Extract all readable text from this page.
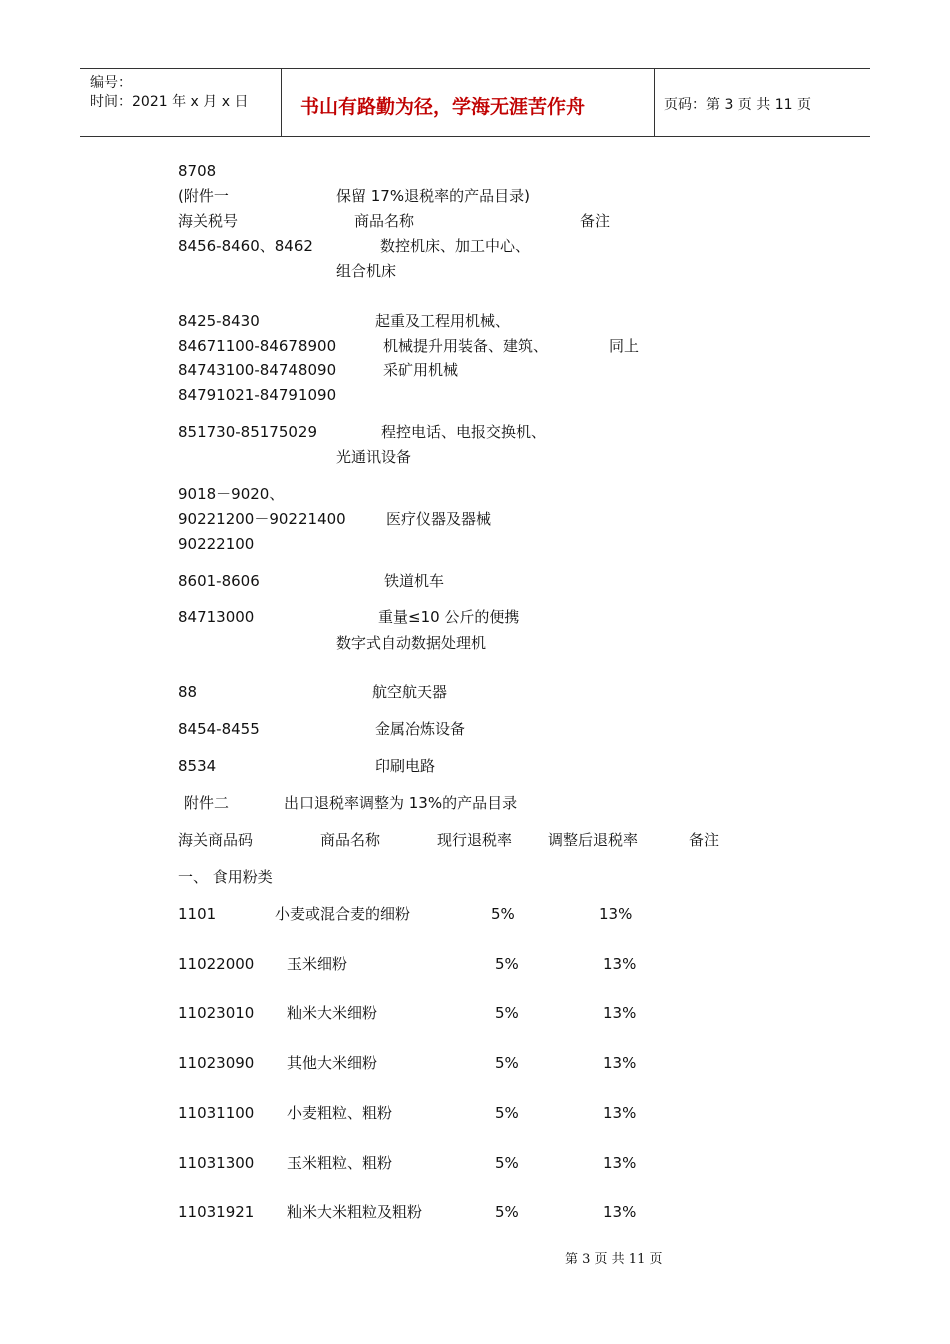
编号：
时间：2021 年 x 月 x 日	书山有路勤为径，学海无涯苦作舟	页码：第 3 页 共 11 页
8708
(附件一	保留 17%退税率的产品目录)
海关税号	商品名称	备注
8456-8460、8462	数控机床、加工中心、
组合机床
8425-8430	起重及工程用机械、
84671100-84678900	机械提升用装备、建筑、	同上
84743100-84748090	采矿用机械
84791021-84791090
851730-85175029	程控电话、电报交换机、
光通讯设备
9018－9020、
90221200－90221400	医疗仪器及器械
90222100
8601-8606	铁道机车
84713000	重量≤10 公斤的便携
数字式自动数据处理机
88	航空航天器
8454-8455	金属冶炼设备
8534	印刷电路
附件二	出口退税率调整为 13%的产品目录
海关商品码	商品名称	现行退税率 调整后退税率	备注
一、 食用粉类
1101	小麦或混合麦的细粉	5%	13%
11022000 玉米细粉	5%	13%
11023010 籼米大米细粉	5%	13%
11023090 其他大米细粉	5%	13%
11031100 小麦粗粒、粗粉	5%	13%
11031300 玉米粗粒、粗粉	5%	13%
11031921 籼米大米粗粒及粗粉	5%	13%
第 3 页 共 11 页
